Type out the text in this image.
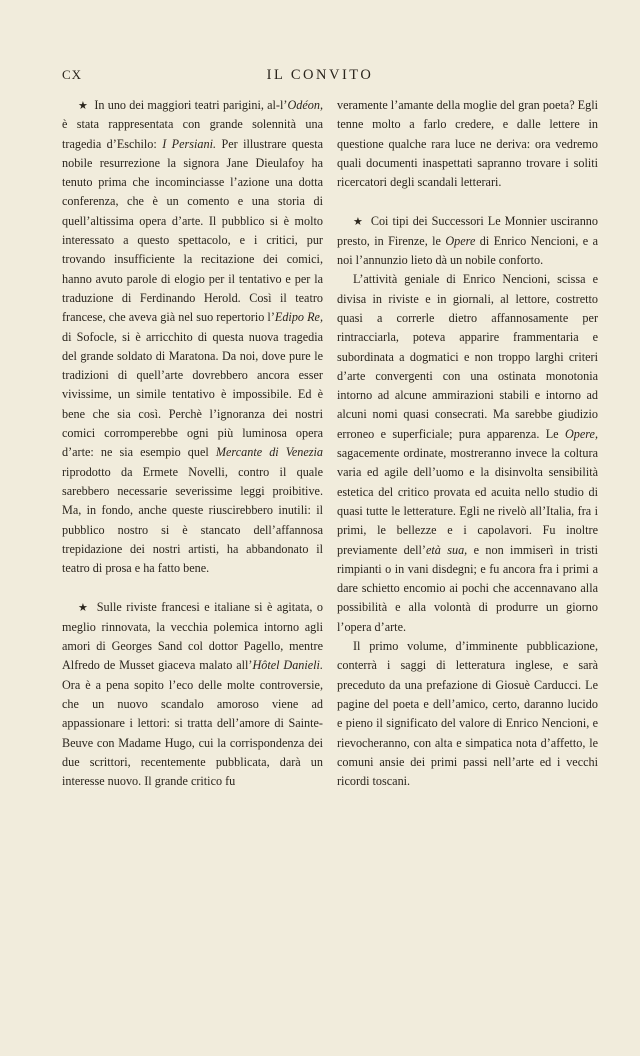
CX	IL CONVITO

★ In uno dei maggiori teatri parigini, al-l’Odéon, è stata rappresentata con grande solennità una tragedia d’Eschilo: I Persiani. Per illustrare questa nobile resurrezione la signora Jane Dieulafoy ha tenuto prima che incominciasse l’azione una dotta conferenza, che è un comento e una storia di quell’altissima opera d’arte. Il pubblico si è molto interessato a questo spettacolo, e i critici, pur trovando insufficiente la recitazione dei comici, hanno avuto parole di elogio per il tentativo e per la traduzione di Ferdinando Herold. Così il teatro francese, che aveva già nel suo repertorio l’Edipo Re, di Sofocle, si è arricchito di questa nuova tragedia del grande soldato di Maratona. Da noi, dove pure le tradizioni di quell’arte dovrebbero ancora esser vivissime, un simile tentativo è impossibile. Ed è bene che sia così. Perchè l’ignoranza dei nostri comici corromperebbe ogni più luminosa opera d’arte: ne sia esempio quel Mercante di Venezia riprodotto da Ermete Novelli, contro il quale sarebbero necessarie severissime leggi proibitive. Ma, in fondo, anche queste riuscirebbero inutili: il pubblico nostro si è stancato dell’affannosa trepidazione dei nostri artisti, ha abbandonato il teatro di prosa e ha fatto bene.

★ Sulle riviste francesi e italiane si è agitata, o meglio rinnovata, la vecchia polemica intorno agli amori di Georges Sand col dottor Pagello, mentre Alfredo de Musset giaceva malato all’Hôtel Danieli. Ora è a pena sopito l’eco delle molte controversie, che un nuovo scandalo amoroso viene ad appassionare i lettori: si tratta dell’amore di Sainte-Beuve con Madame Hugo, cui la corrispondenza dei due scrittori, recentemente pubblicata, darà un interesse nuovo. Il grande critico fu

veramente l’amante della moglie del gran poeta? Egli tenne molto a farlo credere, e dalle lettere in questione qualche rara luce ne deriva: ora vedremo quali documenti inaspettati sapranno trovare i soliti ricercatori degli scandali letterari.

★ Coi tipi dei Successori Le Monnier usciranno presto, in Firenze, le Opere di Enrico Nencioni, e a noi l’annunzio lieto dà un nobile conforto.

L’attività geniale di Enrico Nencioni, scissa e divisa in riviste e in giornali, al lettore, costretto quasi a correrle dietro affannosamente per rintracciarla, poteva apparire frammentaria e subordinata a dogmatici e non troppo larghi criteri d’arte convergenti con una ostinata monotonia intorno ad alcune ammirazioni stabili e intorno ad alcuni nomi quasi consecrati. Ma sarebbe giudizio erroneo e superficiale; pura apparenza. Le Opere, sagacemente ordinate, mostreranno invece la coltura varia ed agile dell’uomo e la disinvolta sensibilità estetica del critico provata ed acuita nello studio di quasi tutte le letterature. Egli ne rivelò all’Italia, fra i primi, le bellezze e i capolavori. Fu inoltre previamente dell’età sua, e non immiserì in tristi rimpianti o in vani disdegni; e fu ancora fra i primi a dare schietto encomio ai pochi che accennavano alla possibilità e alla volontà di produrre un giorno l’opera d’arte.

Il primo volume, d’imminente pubblicazione, conterrà i saggi di letteratura inglese, e sarà preceduto da una prefazione di Giosuè Carducci. Le pagine del poeta e dell’amico, certo, daranno lucido e pieno il significato del valore di Enrico Nencioni, e rievocheranno, con alta e simpatica nota d’affetto, le comuni ansie dei primi passi nell’arte ed i vecchi ricordi toscani.
